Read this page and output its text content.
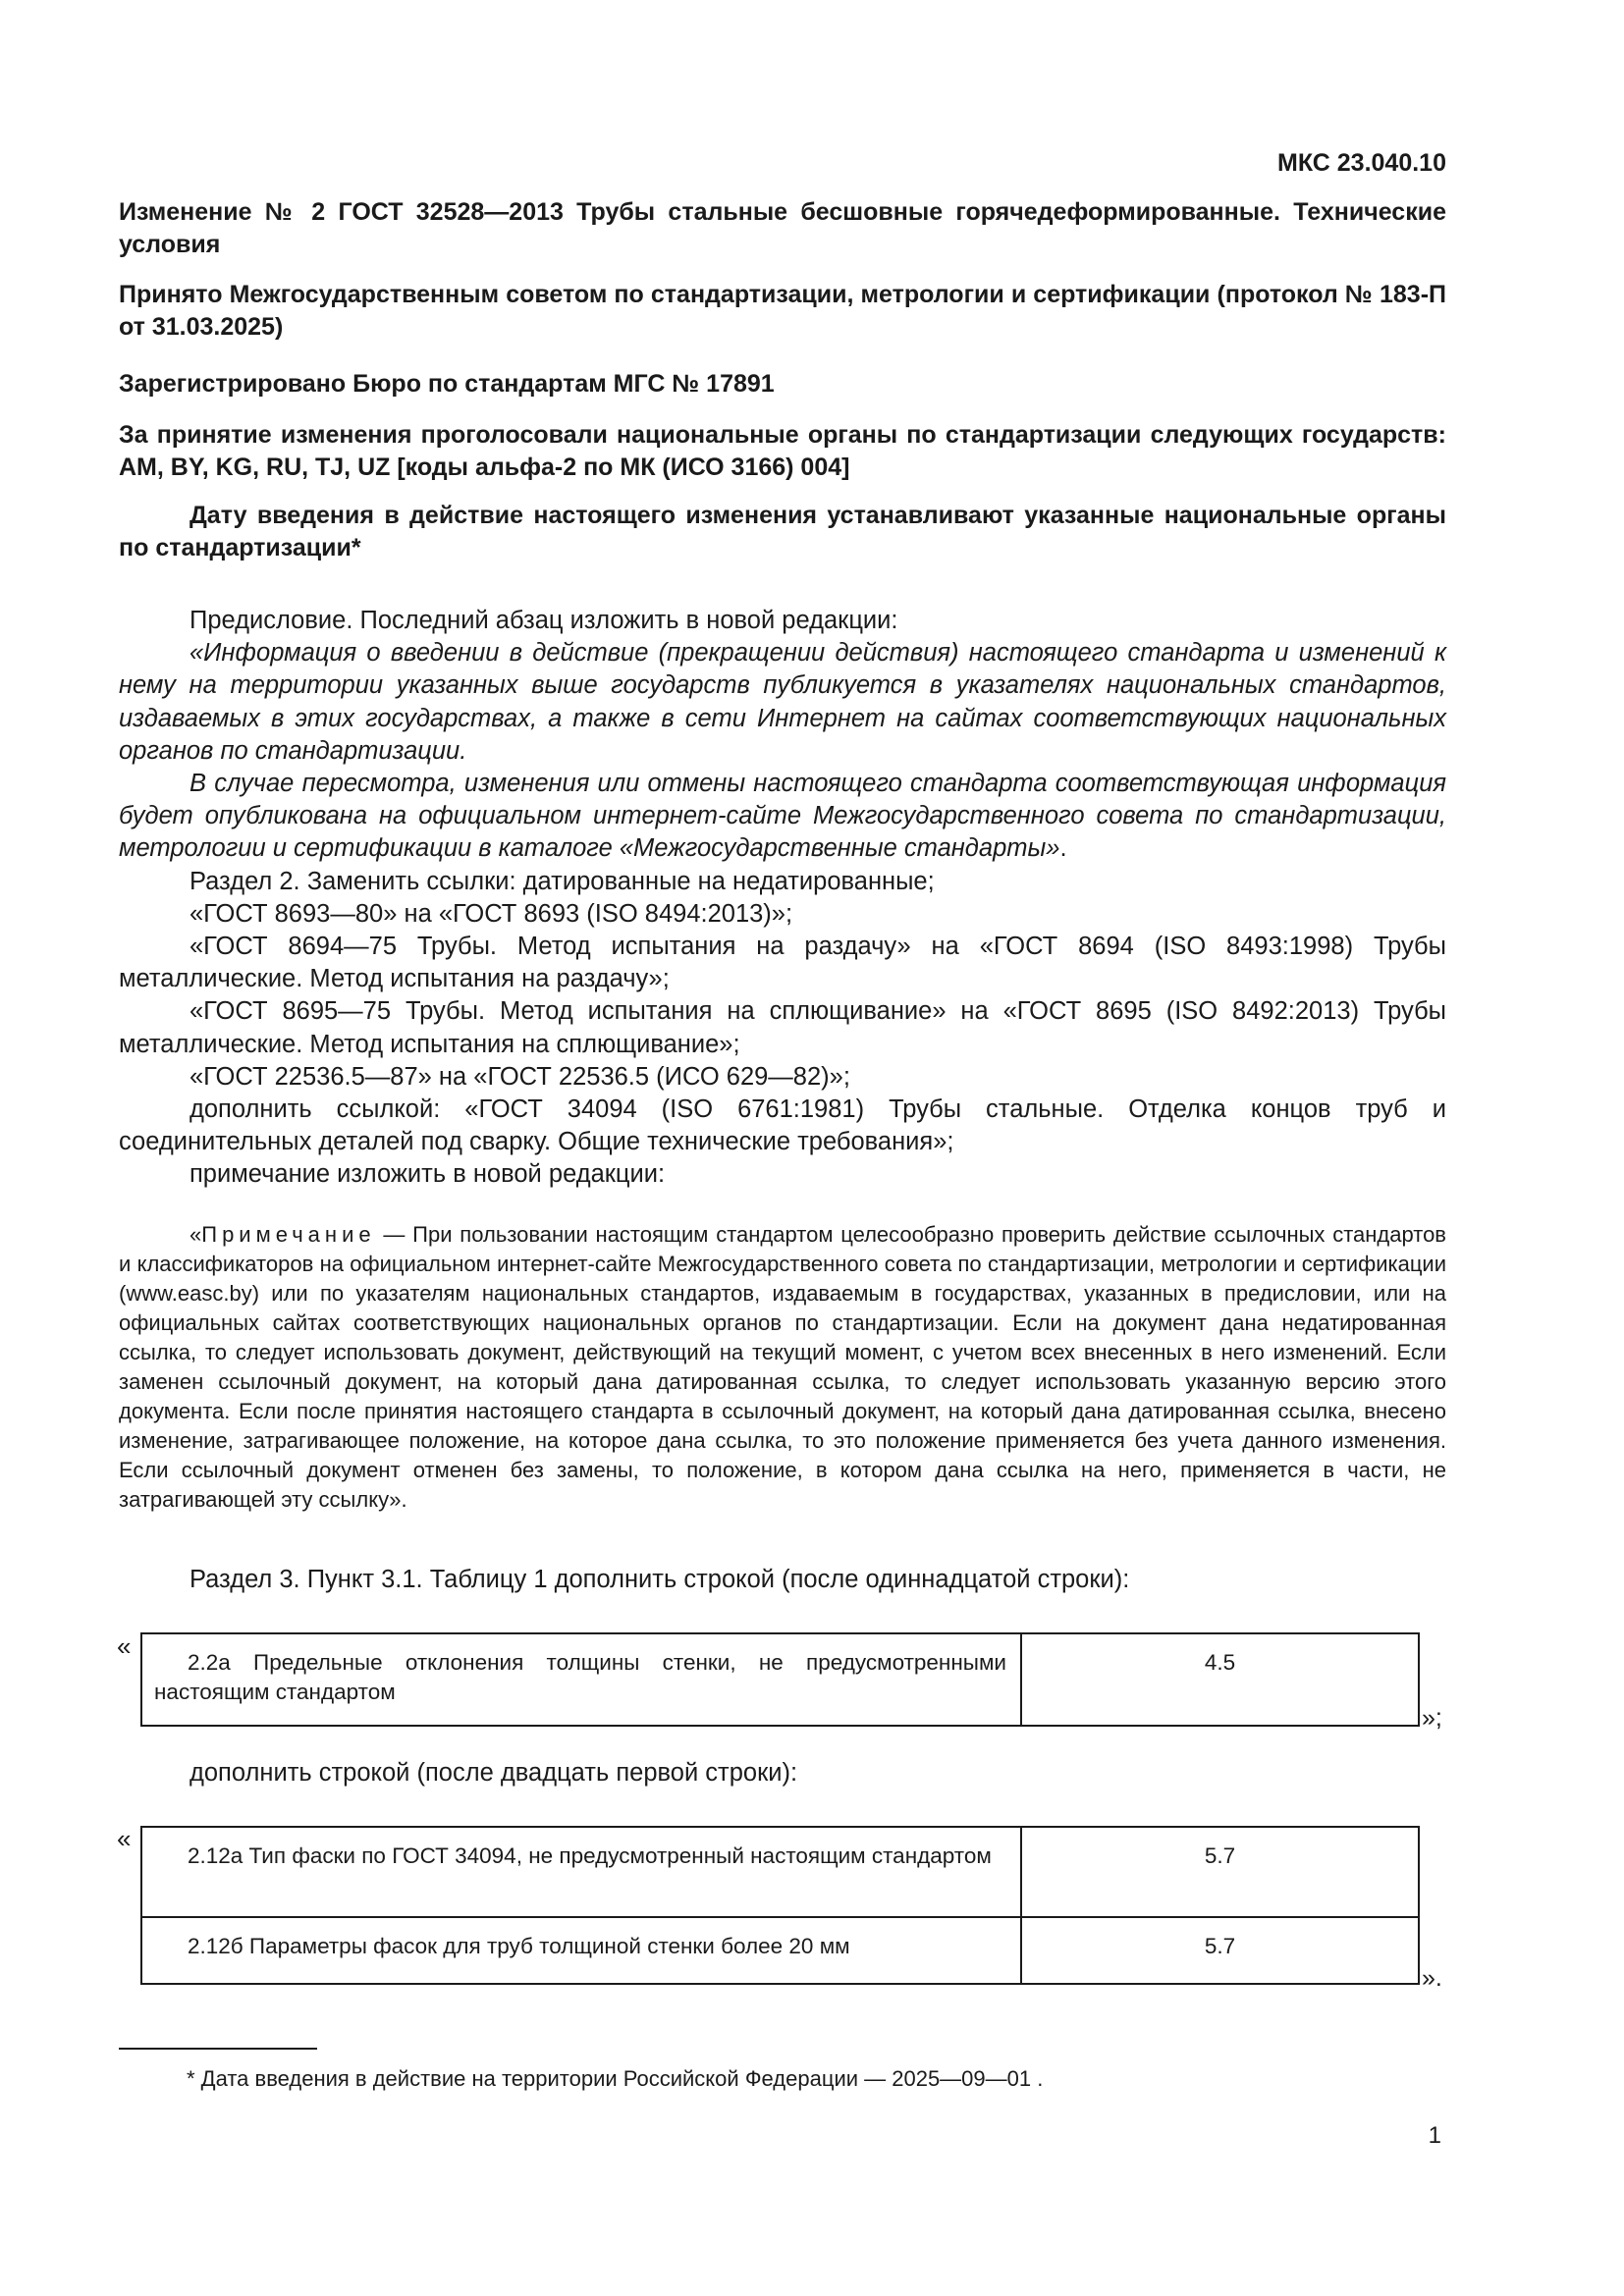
МКС 23.040.10

Изменение № 2 ГОСТ 32528—2013 Трубы стальные бесшовные горячедеформированные. Технические условия

Принято Межгосударственным советом по стандартизации, метрологии и сертификации (протокол № 183-П от 31.03.2025)

Зарегистрировано Бюро по стандартам МГС № 17891

За принятие изменения проголосовали национальные органы по стандартизации следующих государств: AM, BY, KG, RU, TJ, UZ [коды альфа-2 по МК (ИСО 3166) 004]

Дату введения в действие настоящего изменения устанавливают указанные национальные органы по стандартизации*

Предисловие. Последний абзац изложить в новой редакции:

«Информация о введении в действие (прекращении действия) настоящего стандарта и изменений к нему на территории указанных выше государств публикуется в указателях национальных стандартов, издаваемых в этих государствах, а также в сети Интернет на сайтах соответствующих национальных органов по стандартизации.

В случае пересмотра, изменения или отмены настоящего стандарта соответствующая информация будет опубликована на официальном интернет-сайте Межгосударственного совета по стандартизации, метрологии и сертификации в каталоге «Межгосударственные стандарты».

Раздел 2. Заменить ссылки: датированные на недатированные;

«ГОСТ 8693—80» на «ГОСТ 8693 (ISO 8494:2013)»;

«ГОСТ 8694—75 Трубы. Метод испытания на раздачу» на «ГОСТ 8694 (ISO 8493:1998) Трубы металлические. Метод испытания на раздачу»;

«ГОСТ 8695—75 Трубы. Метод испытания на сплющивание» на «ГОСТ 8695 (ISO 8492:2013) Трубы металлические. Метод испытания на сплющивание»;

«ГОСТ 22536.5—87» на «ГОСТ 22536.5 (ИСО 629—82)»;

дополнить ссылкой: «ГОСТ 34094 (ISO 6761:1981) Трубы стальные. Отделка концов труб и соединительных деталей под сварку. Общие технические требования»;

примечание изложить в новой редакции:

«Примечание — При пользовании настоящим стандартом целесообразно проверить действие ссылочных стандартов и классификаторов на официальном интернет-сайте Межгосударственного совета по стандартизации, метрологии и сертификации (www.easc.by) или по указателям национальных стандартов, издаваемым в государствах, указанных в предисловии, или на официальных сайтах соответствующих национальных органов по стандартизации. Если на документ дана недатированная ссылка, то следует использовать документ, действующий на текущий момент, с учетом всех внесенных в него изменений. Если заменен ссылочный документ, на который дана датированная ссылка, то следует использовать указанную версию этого документа. Если после принятия настоящего стандарта в ссылочный документ, на который дана датированная ссылка, внесено изменение, затрагивающее положение, на которое дана ссылка, то это положение применяется без учета данного изменения. Если ссылочный документ отменен без замены, то положение, в котором дана ссылка на него, применяется в части, не затрагивающей эту ссылку».

Раздел 3. Пункт 3.1. Таблицу 1 дополнить строкой (после одиннадцатой строки):

«
2.2а Предельные отклонения толщины стенки, не предусмотренными настоящим стандартом	4.5
»;

дополнить строкой (после двадцать первой строки):

«
2.12а Тип фаски по ГОСТ 34094, не предусмотренный настоящим стандартом	5.7
2.12б Параметры фасок для труб толщиной стенки более 20 мм	5.7
».
* Дата введения в действие на территории Российской Федерации — 2025—09—01 .
1
